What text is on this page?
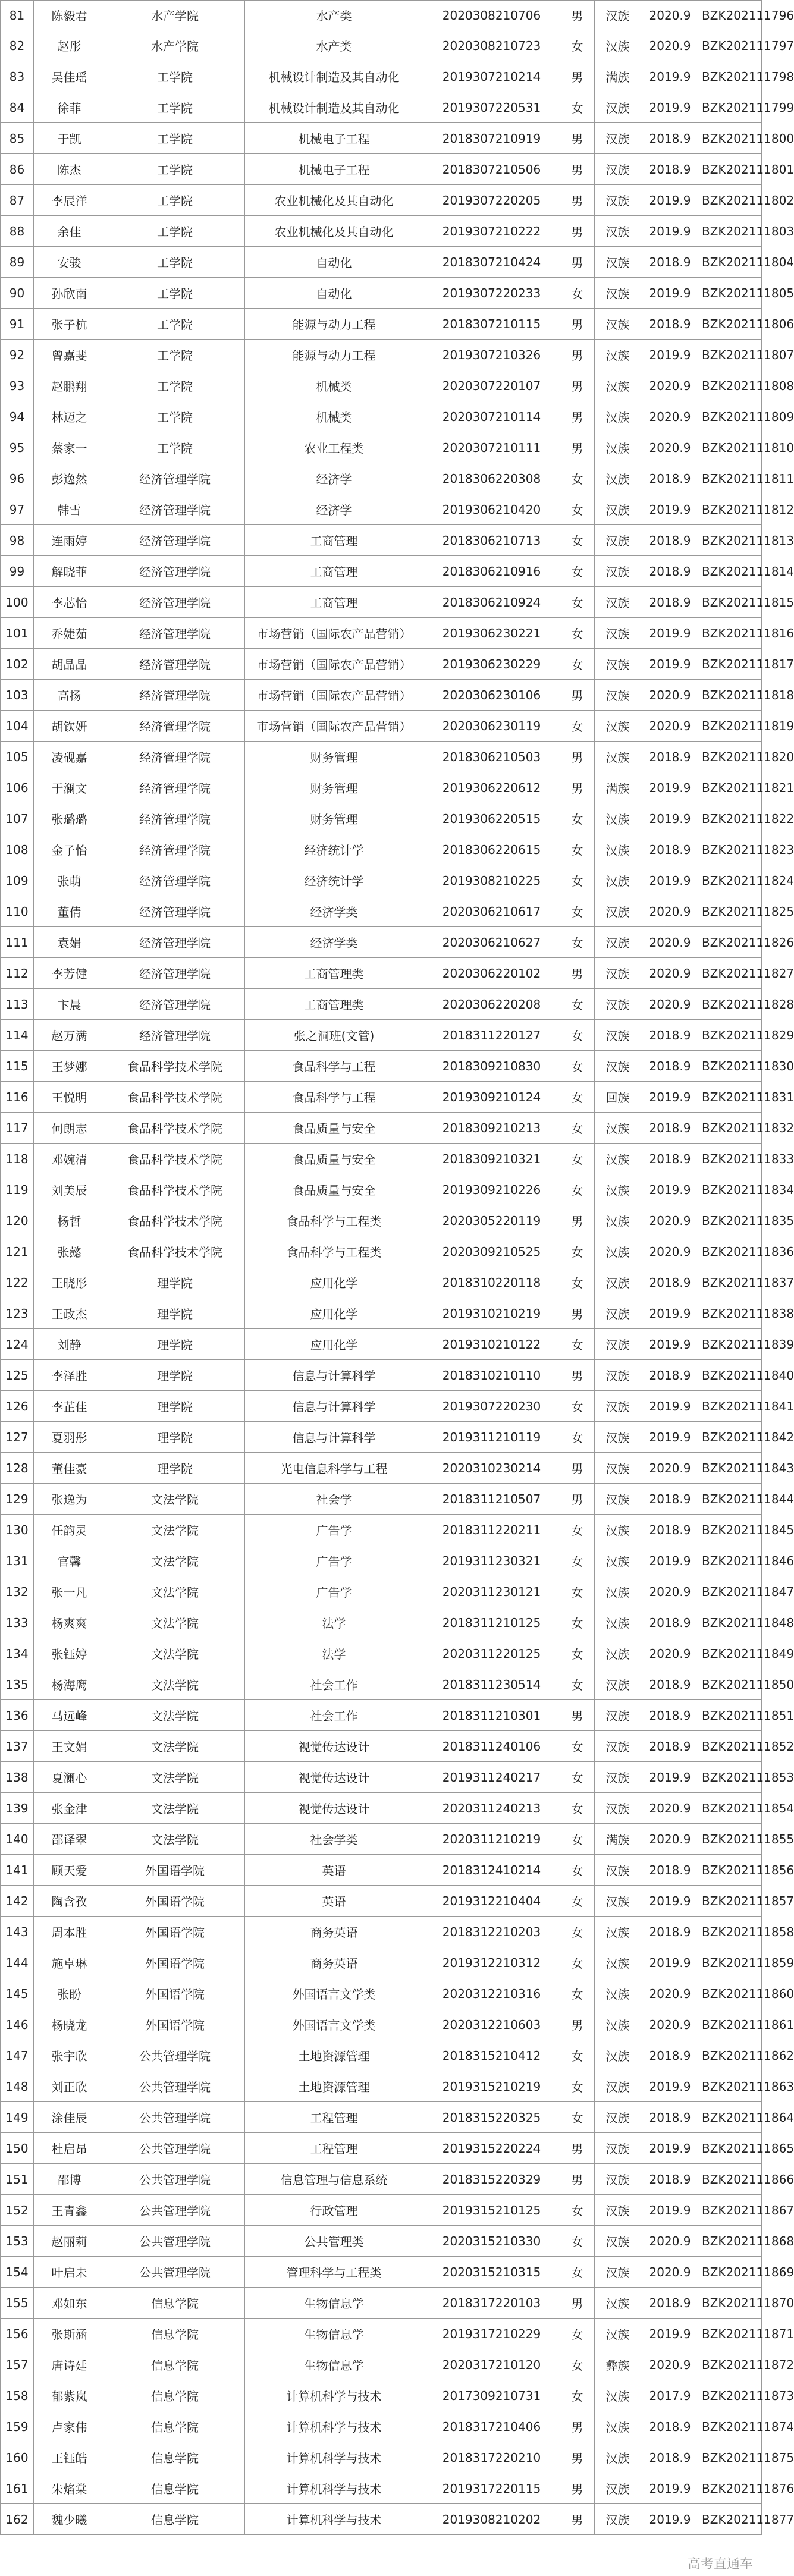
81	陈毅君	水产学院	水产类	2020308210706	男	汉族	2020.9	BZK202111796
82	赵彤	水产学院	水产类	2020308210723	女	汉族	2020.9	BZK202111797
83	吴佳瑶	工学院	机械设计制造及其自动化	2019307210214	男	满族	2019.9	BZK202111798
84	徐菲	工学院	机械设计制造及其自动化	2019307220531	女	汉族	2019.9	BZK202111799
85	于凯	工学院	机械电子工程	2018307210919	男	汉族	2018.9	BZK202111800
86	陈杰	工学院	机械电子工程	2018307210506	男	汉族	2018.9	BZK202111801
87	李辰洋	工学院	农业机械化及其自动化	2019307220205	男	汉族	2019.9	BZK202111802
88	余佳	工学院	农业机械化及其自动化	2019307210222	男	汉族	2019.9	BZK202111803
89	安骏	工学院	自动化	2018307210424	男	汉族	2018.9	BZK202111804
90	孙欣南	工学院	自动化	2019307220233	女	汉族	2019.9	BZK202111805
91	张子杭	工学院	能源与动力工程	2018307210115	男	汉族	2018.9	BZK202111806
92	曾嘉斐	工学院	能源与动力工程	2019307210326	男	汉族	2019.9	BZK202111807
93	赵鹏翔	工学院	机械类	2020307220107	男	汉族	2020.9	BZK202111808
94	林迈之	工学院	机械类	2020307210114	男	汉族	2020.9	BZK202111809
95	蔡家一	工学院	农业工程类	2020307210111	男	汉族	2020.9	BZK202111810
96	彭逸然	经济管理学院	经济学	2018306220308	女	汉族	2018.9	BZK202111811
97	韩雪	经济管理学院	经济学	2019306210420	女	汉族	2019.9	BZK202111812
98	连雨婷	经济管理学院	工商管理	2018306210713	女	汉族	2018.9	BZK202111813
99	解晓菲	经济管理学院	工商管理	2018306210916	女	汉族	2018.9	BZK202111814
100	李芯怡	经济管理学院	工商管理	2018306210924	女	汉族	2018.9	BZK202111815
101	乔婕茹	经济管理学院	市场营销（国际农产品营销）	2019306230221	女	汉族	2019.9	BZK202111816
102	胡晶晶	经济管理学院	市场营销（国际农产品营销）	2019306230229	女	汉族	2019.9	BZK202111817
103	高扬	经济管理学院	市场营销（国际农产品营销）	2020306230106	男	汉族	2020.9	BZK202111818
104	胡钦妍	经济管理学院	市场营销（国际农产品营销）	2020306230119	女	汉族	2020.9	BZK202111819
105	凌砚嘉	经济管理学院	财务管理	2018306210503	男	汉族	2018.9	BZK202111820
106	于澜文	经济管理学院	财务管理	2019306220612	男	满族	2019.9	BZK202111821
107	张璐璐	经济管理学院	财务管理	2019306220515	女	汉族	2019.9	BZK202111822
108	金子怡	经济管理学院	经济统计学	2018306220615	女	汉族	2018.9	BZK202111823
109	张萌	经济管理学院	经济统计学	2019308210225	女	汉族	2019.9	BZK202111824
110	董倩	经济管理学院	经济学类	2020306210617	女	汉族	2020.9	BZK202111825
111	袁娟	经济管理学院	经济学类	2020306210627	女	汉族	2020.9	BZK202111826
112	李芳健	经济管理学院	工商管理类	2020306220102	男	汉族	2020.9	BZK202111827
113	卞晨	经济管理学院	工商管理类	2020306220208	女	汉族	2020.9	BZK202111828
114	赵万满	经济管理学院	张之洞班(文管)	2018311220127	女	汉族	2018.9	BZK202111829
115	王梦娜	食品科学技术学院	食品科学与工程	2018309210830	女	汉族	2018.9	BZK202111830
116	王悦明	食品科学技术学院	食品科学与工程	2019309210124	女	回族	2019.9	BZK202111831
117	何朗志	食品科学技术学院	食品质量与安全	2018309210213	女	汉族	2018.9	BZK202111832
118	邓婉清	食品科学技术学院	食品质量与安全	2018309210321	女	汉族	2018.9	BZK202111833
119	刘美辰	食品科学技术学院	食品质量与安全	2019309210226	女	汉族	2019.9	BZK202111834
120	杨哲	食品科学技术学院	食品科学与工程类	2020305220119	男	汉族	2020.9	BZK202111835
121	张懿	食品科学技术学院	食品科学与工程类	2020309210525	女	汉族	2020.9	BZK202111836
122	王晓彤	理学院	应用化学	2018310220118	女	汉族	2018.9	BZK202111837
123	王政杰	理学院	应用化学	2019310210219	男	汉族	2019.9	BZK202111838
124	刘静	理学院	应用化学	2019310210122	女	汉族	2019.9	BZK202111839
125	李泽胜	理学院	信息与计算科学	2018310210110	男	汉族	2018.9	BZK202111840
126	李芷佳	理学院	信息与计算科学	2019307220230	女	汉族	2019.9	BZK202111841
127	夏羽彤	理学院	信息与计算科学	2019311210119	女	汉族	2019.9	BZK202111842
128	董佳豪	理学院	光电信息科学与工程	2020310230214	男	汉族	2020.9	BZK202111843
129	张逸为	文法学院	社会学	2018311210507	男	汉族	2018.9	BZK202111844
130	任韵灵	文法学院	广告学	2018311220211	女	汉族	2018.9	BZK202111845
131	官馨	文法学院	广告学	2019311230321	女	汉族	2019.9	BZK202111846
132	张一凡	文法学院	广告学	2020311230121	女	汉族	2020.9	BZK202111847
133	杨爽爽	文法学院	法学	2018311210125	女	汉族	2018.9	BZK202111848
134	张钰婷	文法学院	法学	2020311220125	女	汉族	2020.9	BZK202111849
135	杨海鹰	文法学院	社会工作	2018311230514	女	汉族	2018.9	BZK202111850
136	马远峰	文法学院	社会工作	2018311210301	男	汉族	2018.9	BZK202111851
137	王文娟	文法学院	视觉传达设计	2018311240106	女	汉族	2018.9	BZK202111852
138	夏澜心	文法学院	视觉传达设计	2019311240217	女	汉族	2019.9	BZK202111853
139	张金津	文法学院	视觉传达设计	2020311240213	女	汉族	2020.9	BZK202111854
140	邵译翠	文法学院	社会学类	2020311210219	女	满族	2020.9	BZK202111855
141	顾天爱	外国语学院	英语	2018312410214	女	汉族	2018.9	BZK202111856
142	陶含孜	外国语学院	英语	2019312210404	女	汉族	2019.9	BZK202111857
143	周本胜	外国语学院	商务英语	2018312210203	女	汉族	2018.9	BZK202111858
144	施卓琳	外国语学院	商务英语	2019312210312	女	汉族	2019.9	BZK202111859
145	张盼	外国语学院	外国语言文学类	2020312210316	女	汉族	2020.9	BZK202111860
146	杨晓龙	外国语学院	外国语言文学类	2020312210603	男	汉族	2020.9	BZK202111861
147	张宇欣	公共管理学院	土地资源管理	2018315210412	女	汉族	2018.9	BZK202111862
148	刘正欣	公共管理学院	土地资源管理	2019315210219	女	汉族	2019.9	BZK202111863
149	涂佳辰	公共管理学院	工程管理	2018315220325	女	汉族	2018.9	BZK202111864
150	杜启昂	公共管理学院	工程管理	2019315220224	男	汉族	2019.9	BZK202111865
151	邵博	公共管理学院	信息管理与信息系统	2018315220329	男	汉族	2018.9	BZK202111866
152	王青鑫	公共管理学院	行政管理	2019315210125	女	汉族	2019.9	BZK202111867
153	赵丽莉	公共管理学院	公共管理类	2020315210330	女	汉族	2020.9	BZK202111868
154	叶启未	公共管理学院	管理科学与工程类	2020315210315	女	汉族	2020.9	BZK202111869
155	邓如东	信息学院	生物信息学	2018317220103	男	汉族	2018.9	BZK202111870
156	张斯涵	信息学院	生物信息学	2019317210229	女	汉族	2019.9	BZK202111871
157	唐诗廷	信息学院	生物信息学	2020317210120	女	彝族	2020.9	BZK202111872
158	郁紫岚	信息学院	计算机科学与技术	2017309210731	女	汉族	2017.9	BZK202111873
159	卢家伟	信息学院	计算机科学与技术	2018317210406	男	汉族	2018.9	BZK202111874
160	王钰皓	信息学院	计算机科学与技术	2018317220210	男	汉族	2018.9	BZK202111875
161	朱焰棠	信息学院	计算机科学与技术	2019317220115	男	汉族	2019.9	BZK202111876
162	魏少曦	信息学院	计算机科学与技术	2019308210202	男	汉族	2019.9	BZK202111877
高考直通车
